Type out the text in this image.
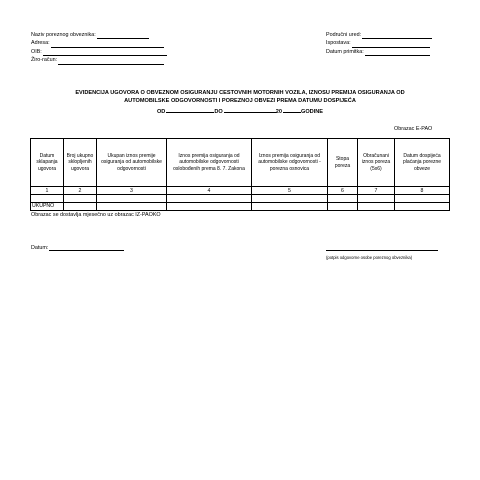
Naziv poreznog obveznika:
Adresa:
OIB:
Žiro-račun:
Područni ured:
Ispostava:
Datum primitka:
EVIDENCIJA UGOVORA O OBVEZNOM OSIGURANJU CESTOVNIH MOTORNIH VOZILA, IZNOSU PREMIJA OSIGURANJA OD
AUTOMOBILSKE ODGOVORNOSTI I POREZNOJ OBVEZI PREMA DATUMU DOSPIJEĆA
OD	DO	20	GODINE
Obrazac E-PAO
Datum sklapanja ugovora	Broj ukupno sklopljenih ugovora	Ukupan iznos premije osiguranja od automobilske odgovornosti	Iznos premija osiguranja od automobilske odgovornosti oslobođenih prema 8. 7. Zakona	Iznos premija osiguranja od automobilske odgovornosti - porezna osnovica	Stopa poreza	Obračunani iznos poreza (5x6)	Datum dospijeća plaćanja porezne obveze
1	2	3	4	5	6	7	8

UKUPNO							
Obrazac se dostavlja mjesečno uz obrazac IZ-PAOKO
Datum:
(potpis odgovorne osobe poreznog obveznika)
